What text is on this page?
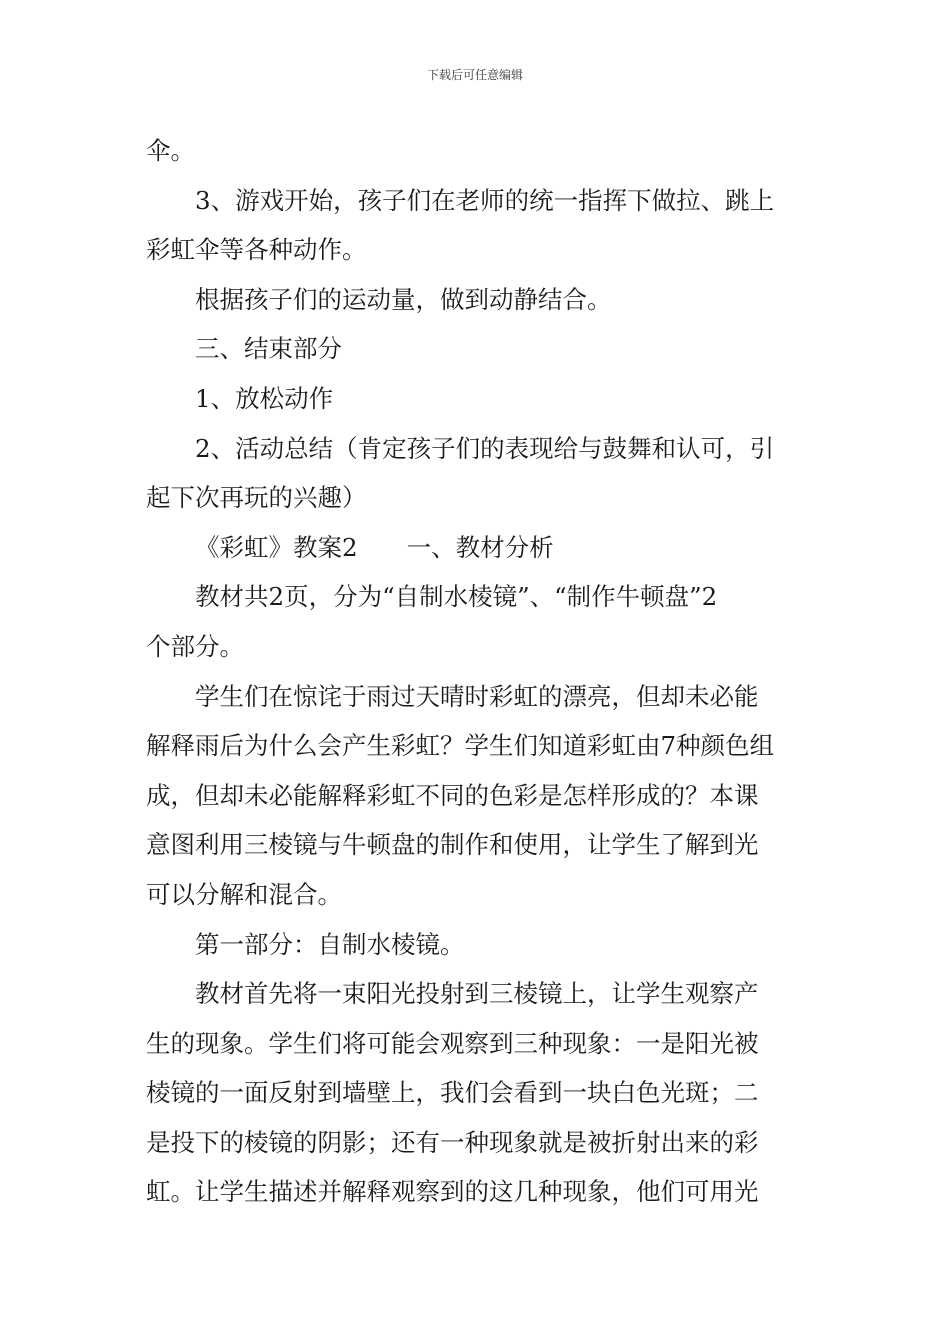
下载后可任意编辑
伞。
3、游戏开始，孩子们在老师的统一指挥下做拉、跳上
彩虹伞等各种动作。
根据孩子们的运动量，做到动静结合。
三、结束部分
1、放松动作
2、活动总结（肯定孩子们的表现给与鼓舞和认可，引
起下次再玩的兴趣）
《彩虹》教案2　　一、教材分析
教材共2页，分为“自制水棱镜”、“制作牛顿盘”2
个部分。
学生们在惊诧于雨过天晴时彩虹的漂亮，但却未必能
解释雨后为什么会产生彩虹？学生们知道彩虹由7种颜色组
成，但却未必能解释彩虹不同的色彩是怎样形成的？本课
意图利用三棱镜与牛顿盘的制作和使用，让学生了解到光
可以分解和混合。
第一部分：自制水棱镜。
教材首先将一束阳光投射到三棱镜上，让学生观察产
生的现象。学生们将可能会观察到三种现象：一是阳光被
棱镜的一面反射到墙壁上，我们会看到一块白色光斑；二
是投下的棱镜的阴影；还有一种现象就是被折射出来的彩
虹。让学生描述并解释观察到的这几种现象，他们可用光
